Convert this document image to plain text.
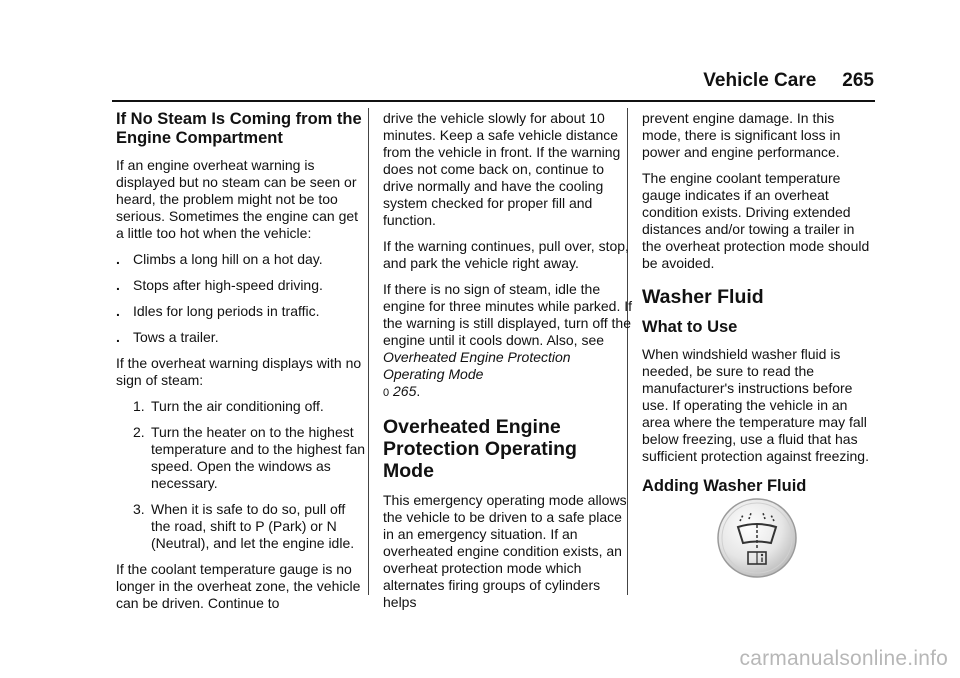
Vehicle Care 265
If No Steam Is Coming from the Engine Compartment

If an engine overheat warning is displayed but no steam can be seen or heard, the problem might not be too serious. Sometimes the engine can get a little too hot when the vehicle:

. Climbs a long hill on a hot day.
. Stops after high-speed driving.
. Idles for long periods in traffic.
. Tows a trailer.

If the overheat warning displays with no sign of steam:

1. Turn the air conditioning off.
2. Turn the heater on to the highest temperature and to the highest fan speed. Open the windows as necessary.
3. When it is safe to do so, pull off the road, shift to P (Park) or N (Neutral), and let the engine idle.

If the coolant temperature gauge is no longer in the overheat zone, the vehicle can be driven. Continue to

drive the vehicle slowly for about 10 minutes. Keep a safe vehicle distance from the vehicle in front. If the warning does not come back on, continue to drive normally and have the cooling system checked for proper fill and function.

If the warning continues, pull over, stop, and park the vehicle right away.

If there is no sign of steam, idle the engine for three minutes while parked. If the warning is still displayed, turn off the engine until it cools down. Also, see Overheated Engine Protection Operating Mode
0 265.

Overheated Engine Protection Operating Mode

This emergency operating mode allows the vehicle to be driven to a safe place in an emergency situation. If an overheated engine condition exists, an overheat protection mode which alternates firing groups of cylinders helps

prevent engine damage. In this mode, there is significant loss in power and engine performance.

The engine coolant temperature gauge indicates if an overheat condition exists. Driving extended distances and/or towing a trailer in the overheat protection mode should be avoided.

Washer Fluid
What to Use

When windshield washer fluid is needed, be sure to read the manufacturer's instructions before use. If operating the vehicle in an area where the temperature may fall below freezing, use a fluid that has sufficient protection against freezing.

Adding Washer Fluid
carmanualsonline.info
